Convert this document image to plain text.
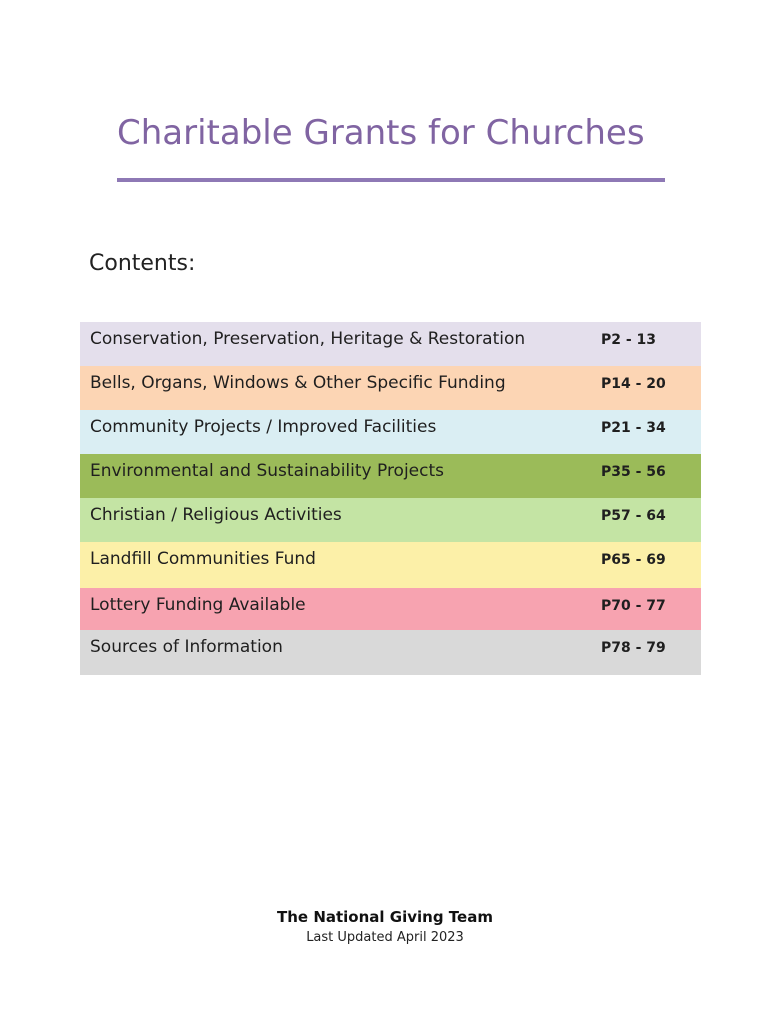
Charitable Grants for Churches
Contents:
Conservation, Preservation, Heritage & Restoration	P2 - 13
Bells, Organs, Windows & Other Specific Funding	P14 - 20
Community Projects / Improved Facilities	P21 - 34
Environmental and Sustainability Projects	P35 - 56
Christian / Religious Activities	P57 - 64
Landfill Communities Fund	P65 - 69
Lottery Funding Available	P70 - 77
Sources of Information	P78 - 79
The National Giving Team
Last Updated April 2023
